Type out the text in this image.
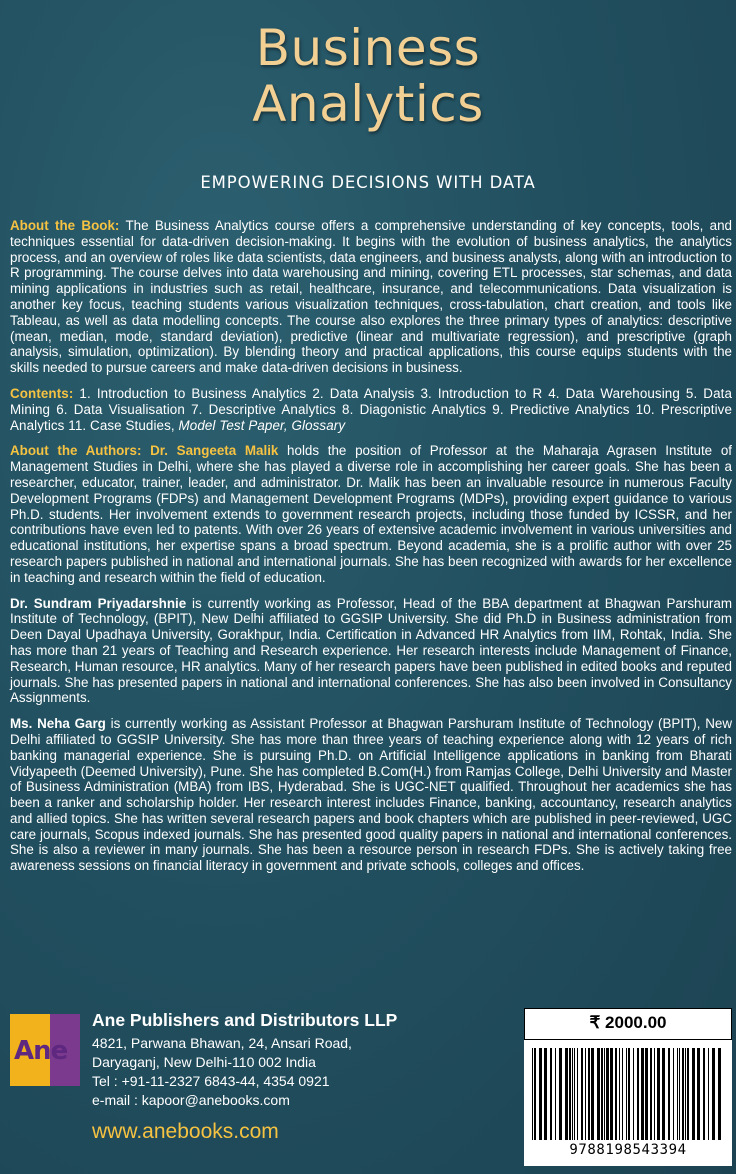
Business
Analytics
EMPOWERING DECISIONS WITH DATA

About the Book: The Business Analytics course offers a comprehensive understanding of key concepts, tools, and techniques essential for data-driven decision-making. It begins with the evolution of business analytics, the analytics process, and an overview of roles like data scientists, data engineers, and business analysts, along with an introduction to R programming. The course delves into data warehousing and mining, covering ETL processes, star schemas, and data mining applications in industries such as retail, healthcare, insurance, and telecommunications. Data visualization is another key focus, teaching students various visualization techniques, cross-tabulation, chart creation, and tools like Tableau, as well as data modelling concepts. The course also explores the three primary types of analytics: descriptive (mean, median, mode, standard deviation), predictive (linear and multivariate regression), and prescriptive (graph analysis, simulation, optimization). By blending theory and practical applications, this course equips students with the skills needed to pursue careers and make data-driven decisions in business.

Contents: 1. Introduction to Business Analytics 2. Data Analysis 3. Introduction to R 4. Data Warehousing 5. Data Mining 6. Data Visualisation 7. Descriptive Analytics 8. Diagonistic Analytics 9. Predictive Analytics 10. Prescriptive Analytics 11. Case Studies, Model Test Paper, Glossary

About the Authors: Dr. Sangeeta Malik holds the position of Professor at the Maharaja Agrasen Institute of Management Studies in Delhi, where she has played a diverse role in accomplishing her career goals. She has been a researcher, educator, trainer, leader, and administrator. Dr. Malik has been an invaluable resource in numerous Faculty Development Programs (FDPs) and Management Development Programs (MDPs), providing expert guidance to various Ph.D. students. Her involvement extends to government research projects, including those funded by ICSSR, and her contributions have even led to patents. With over 26 years of extensive academic involvement in various universities and educational institutions, her expertise spans a broad spectrum. Beyond academia, she is a prolific author with over 25 research papers published in national and international journals. She has been recognized with awards for her excellence in teaching and research within the field of education.

Dr. Sundram Priyadarshnie is currently working as Professor, Head of the BBA department at Bhagwan Parshuram Institute of Technology, (BPIT), New Delhi affiliated to GGSIP University. She did Ph.D in Business administration from Deen Dayal Upadhaya University, Gorakhpur, India. Certification in Advanced HR Analytics from IIM, Rohtak, India. She has more than 21 years of Teaching and Research experience. Her research interests include Management of Finance, Research, Human resource, HR analytics. Many of her research papers have been published in edited books and reputed journals. She has presented papers in national and international conferences. She has also been involved in Consultancy Assignments.

Ms. Neha Garg is currently working as Assistant Professor at Bhagwan Parshuram Institute of Technology (BPIT), New Delhi affiliated to GGSIP University. She has more than three years of teaching experience along with 12 years of rich banking managerial experience. She is pursuing Ph.D. on Artificial Intelligence applications in banking from Bharati Vidyapeeth (Deemed University), Pune. She has completed B.Com(H.) from Ramjas College, Delhi University and Master of Business Administration (MBA) from IBS, Hyderabad. She is UGC-NET qualified. Throughout her academics she has been a ranker and scholarship holder. Her research interest includes Finance, banking, accountancy, research analytics and allied topics. She has written several research papers and book chapters which are published in peer-reviewed, UGC care journals, Scopus indexed journals. She has presented good quality papers in national and international conferences. She is also a reviewer in many journals. She has been a resource person in research FDPs. She is actively taking free awareness sessions on financial literacy in government and private schools, colleges and offices.

Ane
Ane Publishers and Distributors LLP
4821, Parwana Bhawan, 24, Ansari Road,
Daryaganj, New Delhi-110 002 India
Tel : +91-11-2327 6843-44, 4354 0921
e-mail : kapoor@anebooks.com
www.anebooks.com
₹ 2000.00
9788198543394
